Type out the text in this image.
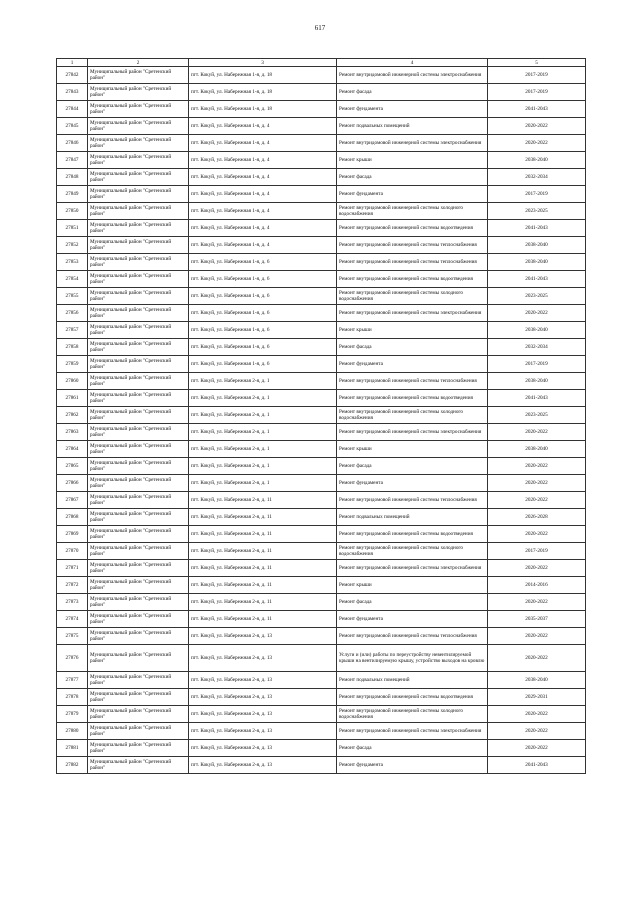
617
1	2	3	4	5
27842	Муниципальный район "Сретенский район"	пгт. Кокуй, ул. Набережная 1-я, д. 18	Ремонт внутридомовой инженерной системы электроснабжения	2017-2019
27843	Муниципальный район "Сретенский район"	пгт. Кокуй, ул. Набережная 1-я, д. 18	Ремонт фасада	2017-2019
27844	Муниципальный район "Сретенский район"	пгт. Кокуй, ул. Набережная 1-я, д. 18	Ремонт фундамента	2041-2043
27845	Муниципальный район "Сретенский район"	пгт. Кокуй, ул. Набережная 1-я, д. 4	Ремонт подвальных помещений	2020-2022
27846	Муниципальный район "Сретенский район"	пгт. Кокуй, ул. Набережная 1-я, д. 4	Ремонт внутридомовой инженерной системы электроснабжения	2020-2022
27847	Муниципальный район "Сретенский район"	пгт. Кокуй, ул. Набережная 1-я, д. 4	Ремонт крыши	2038-2040
27848	Муниципальный район "Сретенский район"	пгт. Кокуй, ул. Набережная 1-я, д. 4	Ремонт фасада	2032-2034
27849	Муниципальный район "Сретенский район"	пгт. Кокуй, ул. Набережная 1-я, д. 4	Ремонт фундамента	2017-2019
27850	Муниципальный район "Сретенский район"	пгт. Кокуй, ул. Набережная 1-я, д. 4	Ремонт внутридомовой инженерной системы холодного водоснабжения	2023-2025
27851	Муниципальный район "Сретенский район"	пгт. Кокуй, ул. Набережная 1-я, д. 4	Ремонт внутридомовой инженерной системы водоотведения	2041-2043
27852	Муниципальный район "Сретенский район"	пгт. Кокуй, ул. Набережная 1-я, д. 4	Ремонт внутридомовой инженерной системы теплоснабжения	2038-2040
27853	Муниципальный район "Сретенский район"	пгт. Кокуй, ул. Набережная 1-я, д. 6	Ремонт внутридомовой инженерной системы теплоснабжения	2038-2040
27854	Муниципальный район "Сретенский район"	пгт. Кокуй, ул. Набережная 1-я, д. 6	Ремонт внутридомовой инженерной системы водоотведения	2041-2043
27855	Муниципальный район "Сретенский район"	пгт. Кокуй, ул. Набережная 1-я, д. 6	Ремонт внутридомовой инженерной системы холодного водоснабжения	2023-2025
27856	Муниципальный район "Сретенский район"	пгт. Кокуй, ул. Набережная 1-я, д. 6	Ремонт внутридомовой инженерной системы электроснабжения	2020-2022
27857	Муниципальный район "Сретенский район"	пгт. Кокуй, ул. Набережная 1-я, д. 6	Ремонт крыши	2038-2040
27858	Муниципальный район "Сретенский район"	пгт. Кокуй, ул. Набережная 1-я, д. 6	Ремонт фасада	2032-2034
27859	Муниципальный район "Сретенский район"	пгт. Кокуй, ул. Набережная 1-я, д. 6	Ремонт фундамента	2017-2019
27860	Муниципальный район "Сретенский район"	пгт. Кокуй, ул. Набережная 2-я, д. 1	Ремонт внутридомовой инженерной системы теплоснабжения	2038-2040
27861	Муниципальный район "Сретенский район"	пгт. Кокуй, ул. Набережная 2-я, д. 1	Ремонт внутридомовой инженерной системы водоотведения	2041-2043
27862	Муниципальный район "Сретенский район"	пгт. Кокуй, ул. Набережная 2-я, д. 1	Ремонт внутридомовой инженерной системы холодного водоснабжения	2023-2025
27863	Муниципальный район "Сретенский район"	пгт. Кокуй, ул. Набережная 2-я, д. 1	Ремонт внутридомовой инженерной системы электроснабжения	2020-2022
27864	Муниципальный район "Сретенский район"	пгт. Кокуй, ул. Набережная 2-я, д. 1	Ремонт крыши	2038-2040
27865	Муниципальный район "Сретенский район"	пгт. Кокуй, ул. Набережная 2-я, д. 1	Ремонт фасада	2020-2022
27866	Муниципальный район "Сретенский район"	пгт. Кокуй, ул. Набережная 2-я, д. 1	Ремонт фундамента	2020-2022
27867	Муниципальный район "Сретенский район"	пгт. Кокуй, ул. Набережная 2-я, д. 11	Ремонт внутридомовой инженерной системы теплоснабжения	2020-2022
27868	Муниципальный район "Сретенский район"	пгт. Кокуй, ул. Набережная 2-я, д. 11	Ремонт подвальных помещений	2026-2028
27869	Муниципальный район "Сретенский район"	пгт. Кокуй, ул. Набережная 2-я, д. 11	Ремонт внутридомовой инженерной системы водоотведения	2020-2022
27870	Муниципальный район "Сретенский район"	пгт. Кокуй, ул. Набережная 2-я, д. 11	Ремонт внутридомовой инженерной системы холодного водоснабжения	2017-2019
27871	Муниципальный район "Сретенский район"	пгт. Кокуй, ул. Набережная 2-я, д. 11	Ремонт внутридомовой инженерной системы электроснабжения	2020-2022
27872	Муниципальный район "Сретенский район"	пгт. Кокуй, ул. Набережная 2-я, д. 11	Ремонт крыши	2014-2016
27873	Муниципальный район "Сретенский район"	пгт. Кокуй, ул. Набережная 2-я, д. 11	Ремонт фасада	2020-2022
27874	Муниципальный район "Сретенский район"	пгт. Кокуй, ул. Набережная 2-я, д. 11	Ремонт фундамента	2035-2037
27875	Муниципальный район "Сретенский район"	пгт. Кокуй, ул. Набережная 2-я, д. 13	Ремонт внутридомовой инженерной системы теплоснабжения	2020-2022
27876	Муниципальный район "Сретенский район"	пгт. Кокуй, ул. Набережная 2-я, д. 13	Услуги и (или) работы по переустройству невентилируемой крыши на вентилируемую крышу, устройство выходов на кровлю	2020-2022
27877	Муниципальный район "Сретенский район"	пгт. Кокуй, ул. Набережная 2-я, д. 13	Ремонт подвальных помещений	2038-2040
27878	Муниципальный район "Сретенский район"	пгт. Кокуй, ул. Набережная 2-я, д. 13	Ремонт внутридомовой инженерной системы водоотведения	2029-2031
27879	Муниципальный район "Сретенский район"	пгт. Кокуй, ул. Набережная 2-я, д. 13	Ремонт внутридомовой инженерной системы холодного водоснабжения	2020-2022
27880	Муниципальный район "Сретенский район"	пгт. Кокуй, ул. Набережная 2-я, д. 13	Ремонт внутридомовой инженерной системы электроснабжения	2020-2022
27881	Муниципальный район "Сретенский район"	пгт. Кокуй, ул. Набережная 2-я, д. 13	Ремонт фасада	2020-2022
27882	Муниципальный район "Сретенский район"	пгт. Кокуй, ул. Набережная 2-я, д. 13	Ремонт фундамента	2041-2043
